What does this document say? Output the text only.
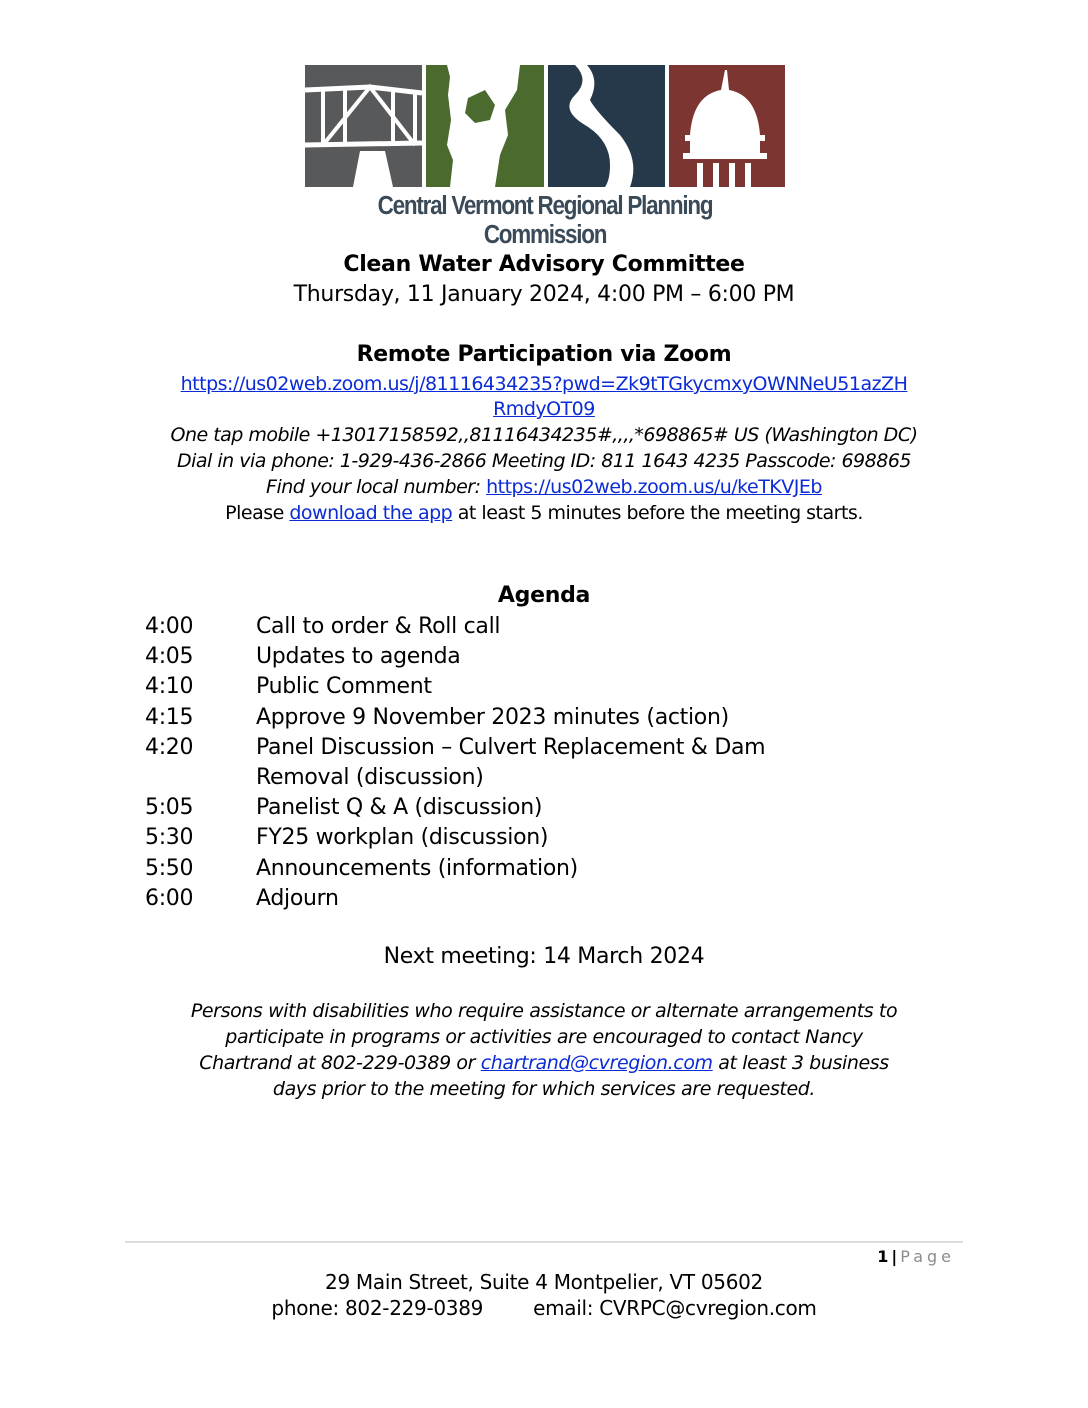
Central Vermont Regional Planning Commission
Clean Water Advisory Committee
Thursday, 11 January 2024, 4:00 PM – 6:00 PM
Remote Participation via Zoom
https://us02web.zoom.us/j/81116434235?pwd=Zk9tTGkycmxyOWNNeU51azZH
RmdyOT09
One tap mobile +13017158592,,81116434235#,,,,*698865# US (Washington DC)
Dial in via phone: 1-929-436-2866 Meeting ID: 811 1643 4235 Passcode: 698865
Find your local number: https://us02web.zoom.us/u/keTKVJEb
Please download the app at least 5 minutes before the meeting starts.
Agenda
4:00	Call to order & Roll call
4:05	Updates to agenda
4:10	Public Comment
4:15	Approve 9 November 2023 minutes (action)
4:20	Panel Discussion – Culvert Replacement & Dam
Removal (discussion)
5:05	Panelist Q & A (discussion)
5:30	FY25 workplan (discussion)
5:50	Announcements (information)
6:00	Adjourn
Next meeting: 14 March 2024
Persons with disabilities who require assistance or alternate arrangements to
participate in programs or activities are encouraged to contact Nancy
Chartrand at 802-229-0389 or chartrand@cvregion.com at least 3 business
days prior to the meeting for which services are requested.
1 | Page
29 Main Street, Suite 4 Montpelier, VT 05602
phone: 802-229-0389	email: CVRPC@cvregion.com
